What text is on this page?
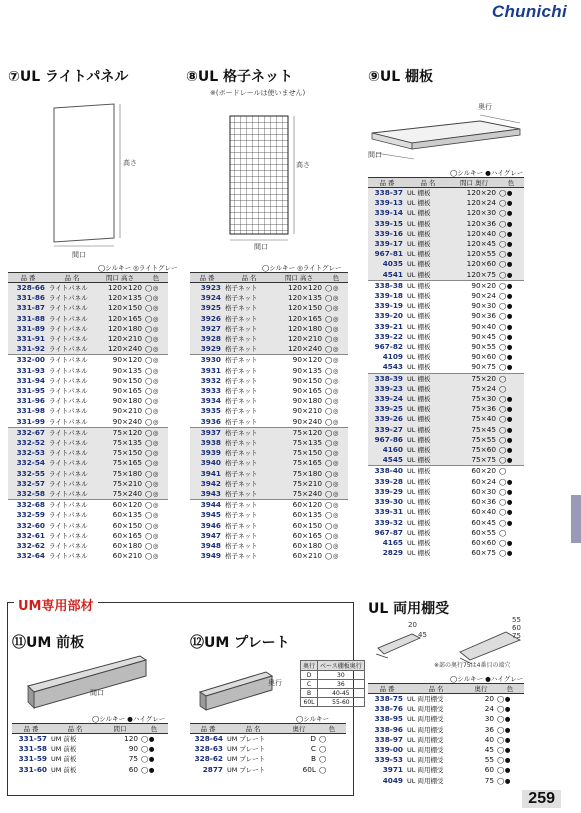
Chunichi
⑦UL ライトパネル
高さ
間口
◯シルキー ◎ライトグレー
品 番	品 名	間口 高さ	色
328-66	ライトパネル	120×120	◯◎
331-86	ライトパネル	120×135	◯◎
331-87	ライトパネル	120×150	◯◎
331-88	ライトパネル	120×165	◯◎
331-89	ライトパネル	120×180	◯◎
331-91	ライトパネル	120×210	◯◎
331-92	ライトパネル	120×240	◯◎
332-00	ライトパネル	90×120	◯◎
331-93	ライトパネル	90×135	◯◎
331-94	ライトパネル	90×150	◯◎
331-95	ライトパネル	90×165	◯◎
331-96	ライトパネル	90×180	◯◎
331-98	ライトパネル	90×210	◯◎
331-99	ライトパネル	90×240	◯◎
332-67	ライトパネル	75×120	◯◎
332-52	ライトパネル	75×135	◯◎
332-53	ライトパネル	75×150	◯◎
332-54	ライトパネル	75×165	◯◎
332-55	ライトパネル	75×180	◯◎
332-57	ライトパネル	75×210	◯◎
332-58	ライトパネル	75×240	◯◎
332-68	ライトパネル	60×120	◯◎
332-59	ライトパネル	60×135	◯◎
332-60	ライトパネル	60×150	◯◎
332-61	ライトパネル	60×165	◯◎
332-62	ライトパネル	60×180	◯◎
332-64	ライトパネル	60×210	◯◎
⑧UL 格子ネット
※(ボードレールは使いません)
高さ
間口
◯シルキー ◎ライトグレー
品 番	品 名	間口 高さ	色
3923	格子ネット	120×120	◯◎
3924	格子ネット	120×135	◯◎
3925	格子ネット	120×150	◯◎
3926	格子ネット	120×165	◯◎
3927	格子ネット	120×180	◯◎
3928	格子ネット	120×210	◯◎
3929	格子ネット	120×240	◯◎
3930	格子ネット	90×120	◯◎
3931	格子ネット	90×135	◯◎
3932	格子ネット	90×150	◯◎
3933	格子ネット	90×165	◯◎
3934	格子ネット	90×180	◯◎
3935	格子ネット	90×210	◯◎
3936	格子ネット	90×240	◯◎
3937	格子ネット	75×120	◯◎
3938	格子ネット	75×135	◯◎
3939	格子ネット	75×150	◯◎
3940	格子ネット	75×165	◯◎
3941	格子ネット	75×180	◯◎
3942	格子ネット	75×210	◯◎
3943	格子ネット	75×240	◯◎
3944	格子ネット	60×120	◯◎
3945	格子ネット	60×135	◯◎
3946	格子ネット	60×150	◯◎
3947	格子ネット	60×165	◯◎
3948	格子ネット	60×180	◯◎
3949	格子ネット	60×210	◯◎
⑨UL 棚板
奥行
間口
◯シルキー ●ハイグレー
品 番	品 名	間口 奥行	色
338-37	UL 棚板	120×20	◯●
339-13	UL 棚板	120×24	◯●
339-14	UL 棚板	120×30	◯●
339-15	UL 棚板	120×36	◯●
339-16	UL 棚板	120×40	◯●
339-17	UL 棚板	120×45	◯●
967-81	UL 棚板	120×55	◯●
4035	UL 棚板	120×60	◯●
4541	UL 棚板	120×75	◯●
338-38	UL 棚板	90×20	◯●
339-18	UL 棚板	90×24	◯●
339-19	UL 棚板	90×30	◯●
339-20	UL 棚板	90×36	◯●
339-21	UL 棚板	90×40	◯●
339-22	UL 棚板	90×45	◯●
967-82	UL 棚板	90×55	◯●
4109	UL 棚板	90×60	◯●
4543	UL 棚板	90×75	◯●
338-39	UL 棚板	75×20	◯
339-23	UL 棚板	75×24	◯
339-24	UL 棚板	75×30	◯●
339-25	UL 棚板	75×36	◯●
339-26	UL 棚板	75×40	◯●
339-27	UL 棚板	75×45	◯●
967-86	UL 棚板	75×55	◯●
4160	UL 棚板	75×60	◯●
4545	UL 棚板	75×75	◯●
338-40	UL 棚板	60×20	◯
339-28	UL 棚板	60×24	◯●
339-29	UL 棚板	60×30	◯●
339-30	UL 棚板	60×36	◯●
339-31	UL 棚板	60×40	◯●
339-32	UL 棚板	60×45	◯●
967-87	UL 棚板	60×55	◯
4165	UL 棚板	60×60	◯●
2829	UL 棚板	60×75	◯●
UM専用部材
⑪UM 前板
間口
◯シルキー ●ハイグレー
品 番	品 名	間口	色
331-57	UM 前板	120	◯●
331-58	UM 前板	90	◯●
331-59	UM 前板	75	◯●
331-60	UM 前板	60	◯●
⑫UM プレート
奥行
奥行	ベース棚板奥行
D	30
C	36
B	40-45
60L	55-60
◯シルキー
品 番	品 名	奥行	色
328-64	UM プレート	D	◯
328-63	UM プレート	C	◯
328-62	UM プレート	B	◯
2877	UM プレート	60L	◯
UL 両用棚受
20
45
55
60
75
※部の奥行75は4番目の端穴
◯シルキー ●ハイグレー
品 番	品 名	奥行	色
338-75	UL 両用棚受	20	◯●
338-76	UL 両用棚受	24	◯●
338-95	UL 両用棚受	30	◯●
338-96	UL 両用棚受	36	◯●
338-97	UL 両用棚受	40	◯●
339-00	UL 両用棚受	45	◯●
339-53	UL 両用棚受	55	◯●
3971	UL 両用棚受	60	◯●
4049	UL 両用棚受	75	◯●
259
